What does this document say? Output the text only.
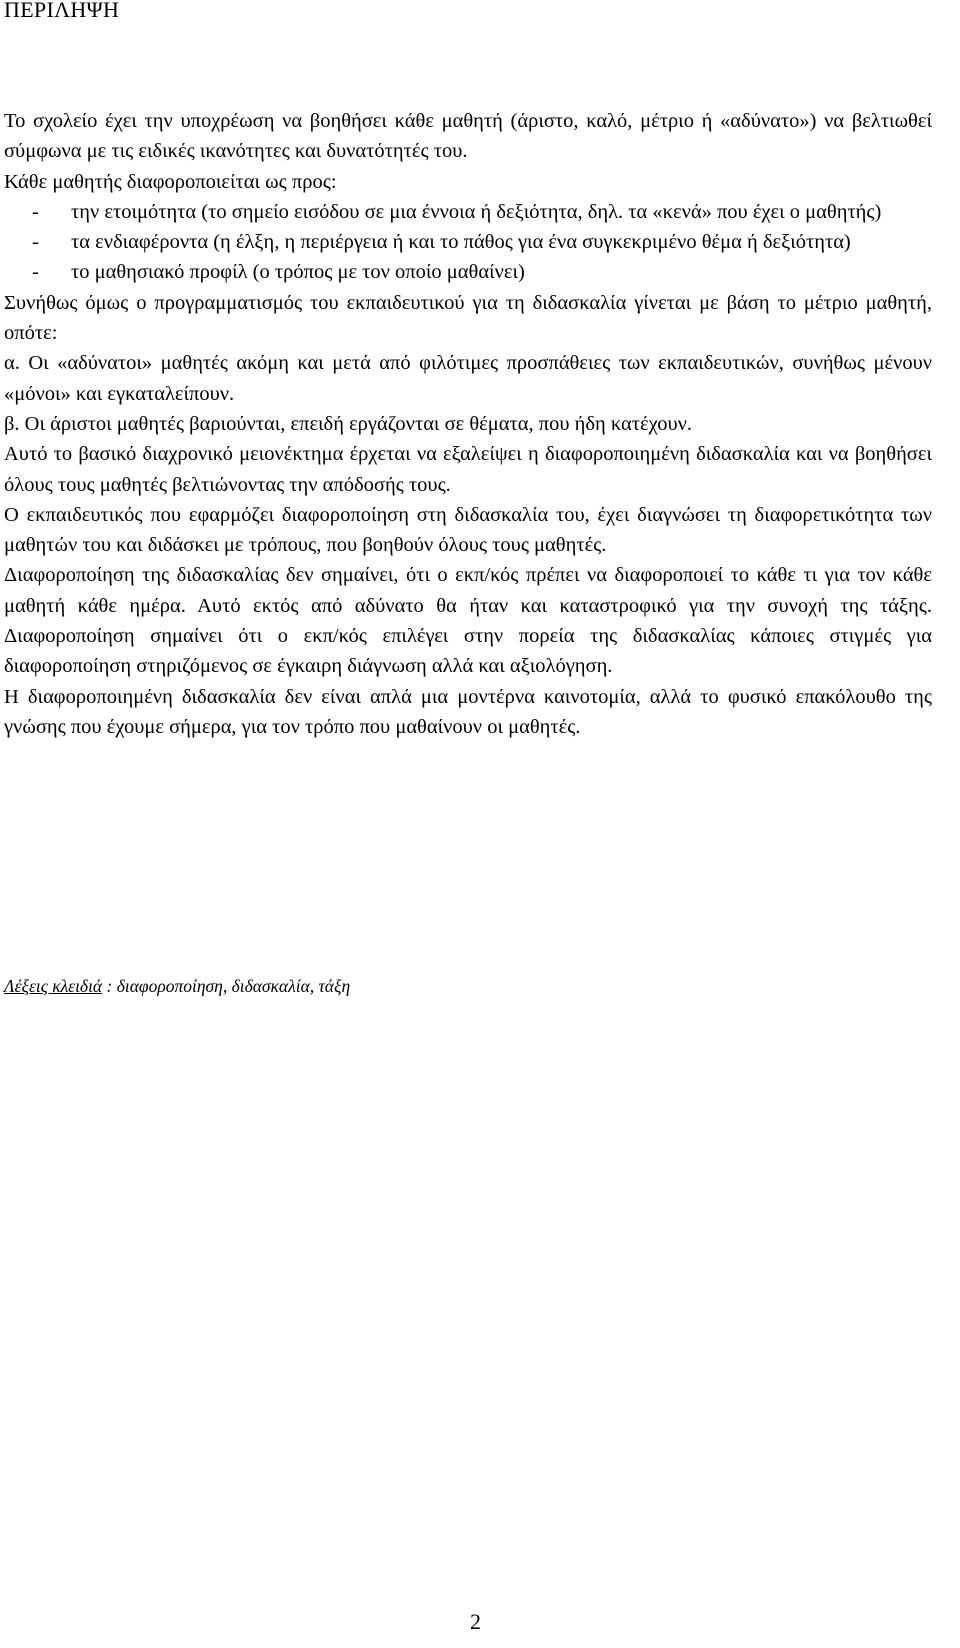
ΠΕΡΙΛΗΨΗ

Το σχολείο έχει την υποχρέωση να βοηθήσει κάθε μαθητή (άριστο, καλό, μέτριο ή «αδύνατο») να βελτιωθεί σύμφωνα με τις ειδικές ικανότητες και δυνατότητές του.

Κάθε μαθητής διαφοροποιείται ως προς:

- την ετοιμότητα (το σημείο εισόδου σε μια έννοια ή δεξιότητα, δηλ. τα «κενά» που έχει ο μαθητής)

- τα ενδιαφέροντα (η έλξη, η περιέργεια ή και το πάθος για ένα συγκεκριμένο θέμα ή δεξιότητα)

- το μαθησιακό προφίλ (ο τρόπος με τον οποίο μαθαίνει)

Συνήθως όμως ο προγραμματισμός του εκπαιδευτικού για τη διδασκαλία γίνεται με βάση το μέτριο μαθητή, οπότε:

α. Οι «αδύνατοι» μαθητές ακόμη και μετά από φιλότιμες προσπάθειες των εκπαιδευτικών, συνήθως μένουν «μόνοι» και εγκαταλείπουν.

β. Οι άριστοι μαθητές βαριούνται, επειδή εργάζονται σε θέματα, που ήδη κατέχουν.

Αυτό το βασικό διαχρονικό μειονέκτημα έρχεται να εξαλείψει η διαφοροποιημένη διδασκαλία και να βοηθήσει όλους τους μαθητές βελτιώνοντας την απόδοσής τους.

Ο εκπαιδευτικός που εφαρμόζει διαφοροποίηση στη διδασκαλία του, έχει διαγνώσει τη διαφορετικότητα των μαθητών του και διδάσκει με τρόπους, που βοηθούν όλους τους μαθητές.

Διαφοροποίηση της διδασκαλίας δεν σημαίνει, ότι ο εκπ/κός πρέπει να διαφοροποιεί το κάθε τι για τον κάθε μαθητή κάθε ημέρα. Αυτό εκτός από αδύνατο θα ήταν και καταστροφικό για την συνοχή της τάξης. Διαφοροποίηση σημαίνει ότι ο εκπ/κός επιλέγει στην πορεία της διδασκαλίας κάποιες στιγμές για διαφοροποίηση στηριζόμενος σε έγκαιρη διάγνωση αλλά και αξιολόγηση.

Η διαφοροποιημένη διδασκαλία δεν είναι απλά μια μοντέρνα καινοτομία, αλλά το φυσικό επακόλουθο της γνώσης που έχουμε σήμερα, για τον τρόπο που μαθαίνουν οι μαθητές.

Λέξεις κλειδιά : διαφοροποίηση, διδασκαλία, τάξη
2
